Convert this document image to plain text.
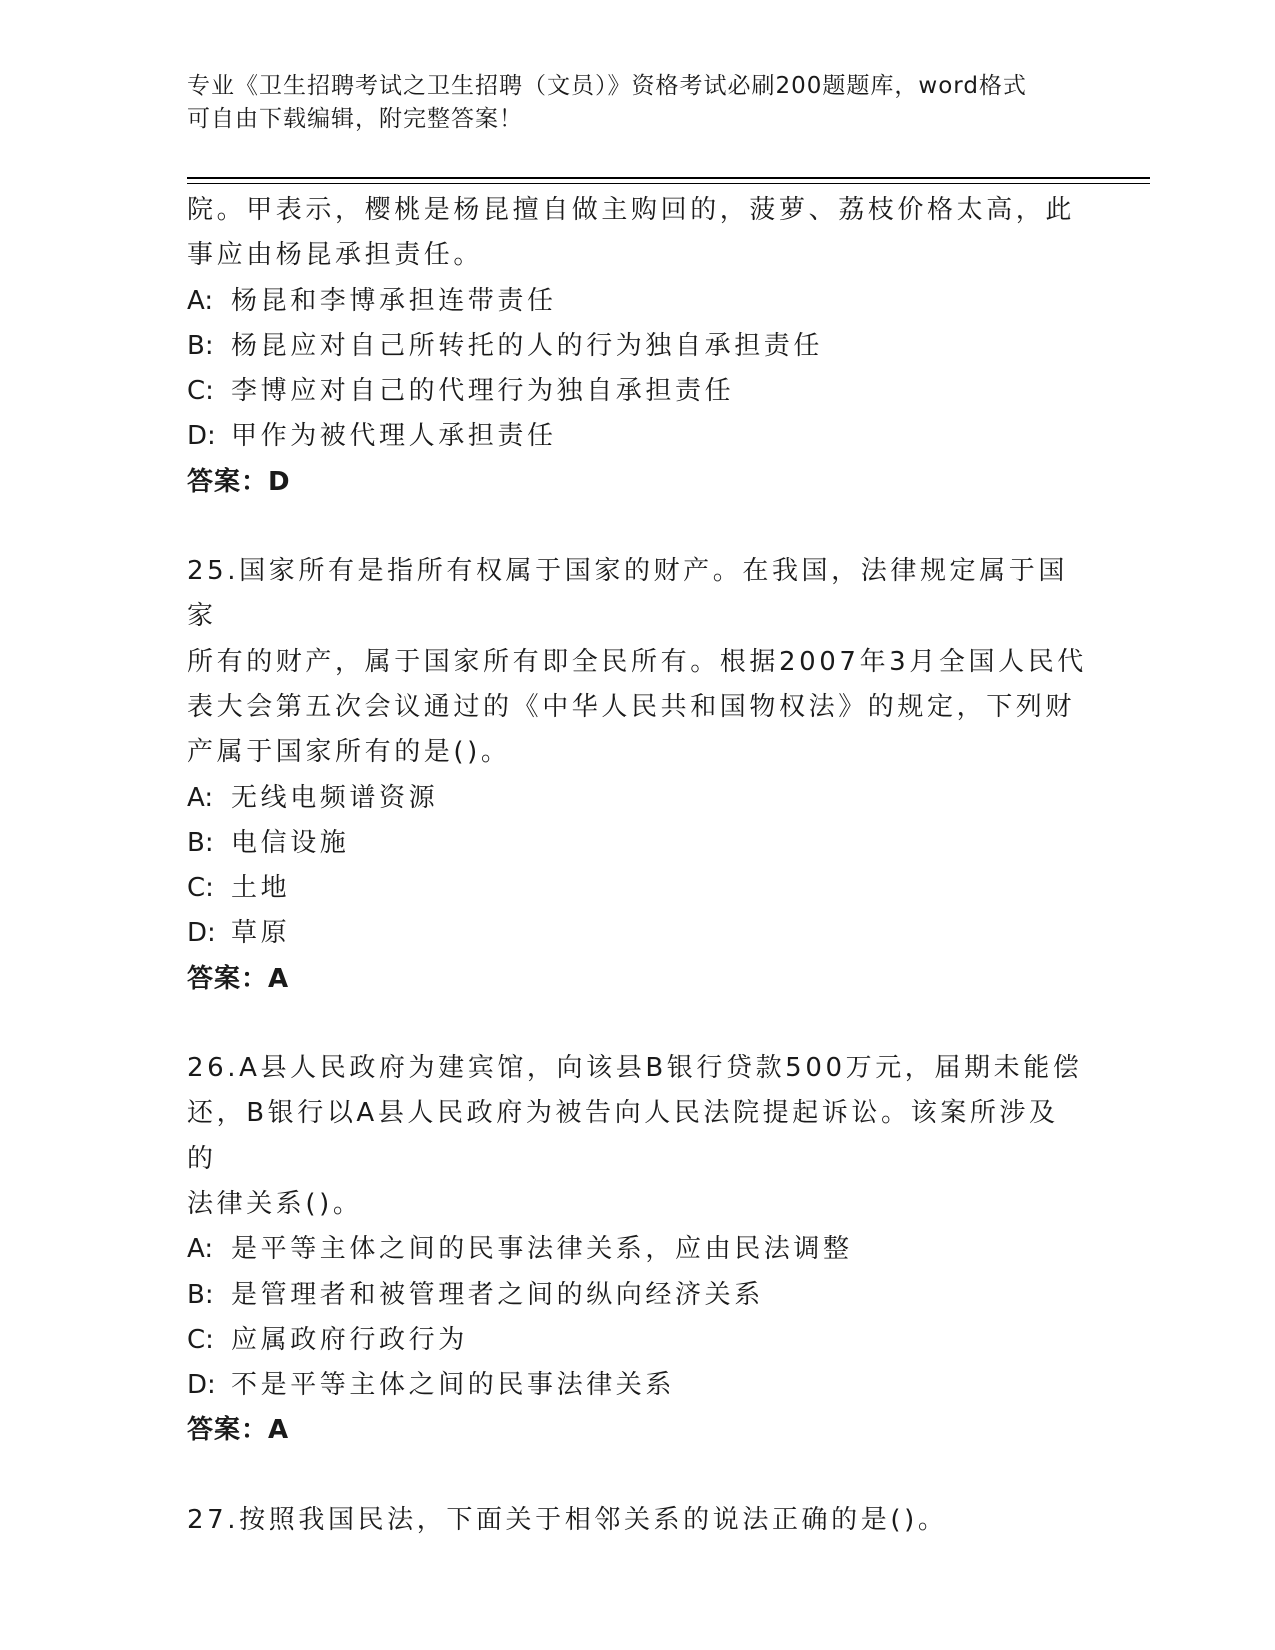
专业《卫生招聘考试之卫生招聘（文员）》资格考试必刷200题题库，word格式
可自由下载编辑，附完整答案！

院。甲表示，樱桃是杨昆擅自做主购回的，菠萝、荔枝价格太高，此

事应由杨昆承担责任。

A: 杨昆和李博承担连带责任

B: 杨昆应对自己所转托的人的行为独自承担责任

C: 李博应对自己的代理行为独自承担责任

D: 甲作为被代理人承担责任

答案：D

25.国家所有是指所有权属于国家的财产。在我国，法律规定属于国家

所有的财产，属于国家所有即全民所有。根据2007年3月全国人民代

表大会第五次会议通过的《中华人民共和国物权法》的规定，下列财

产属于国家所有的是()。

A: 无线电频谱资源

B: 电信设施

C: 土地

D: 草原

答案：A

26.A县人民政府为建宾馆，向该县B银行贷款500万元，届期未能偿

还，B银行以A县人民政府为被告向人民法院提起诉讼。该案所涉及的

法律关系()。

A: 是平等主体之间的民事法律关系，应由民法调整

B: 是管理者和被管理者之间的纵向经济关系

C: 应属政府行政行为

D: 不是平等主体之间的民事法律关系

答案：A

27.按照我国民法，下面关于相邻关系的说法正确的是()。
